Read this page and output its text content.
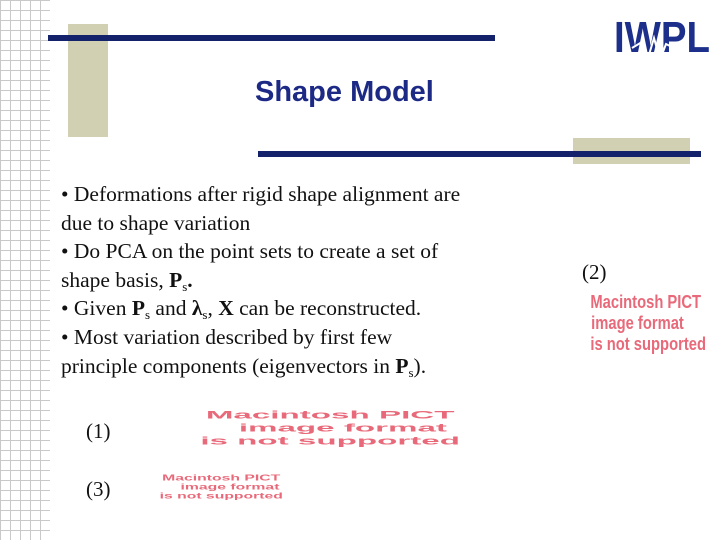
IWPL
Shape Model
• Deformations after rigid shape alignment are
due to shape variation
• Do PCA on the point sets to create a set of
shape basis, $P_s$.
• Given $P_s$ and $\lambda_s$, X can be reconstructed.
• Most variation described by first few
principle components (eigenvectors in $P_s$).
(1)
(2)
(3)
Macintosh PICT
image format
is not supported
Macintosh PICT
image format
is not supported
Macintosh PICT
image format
is not supported
